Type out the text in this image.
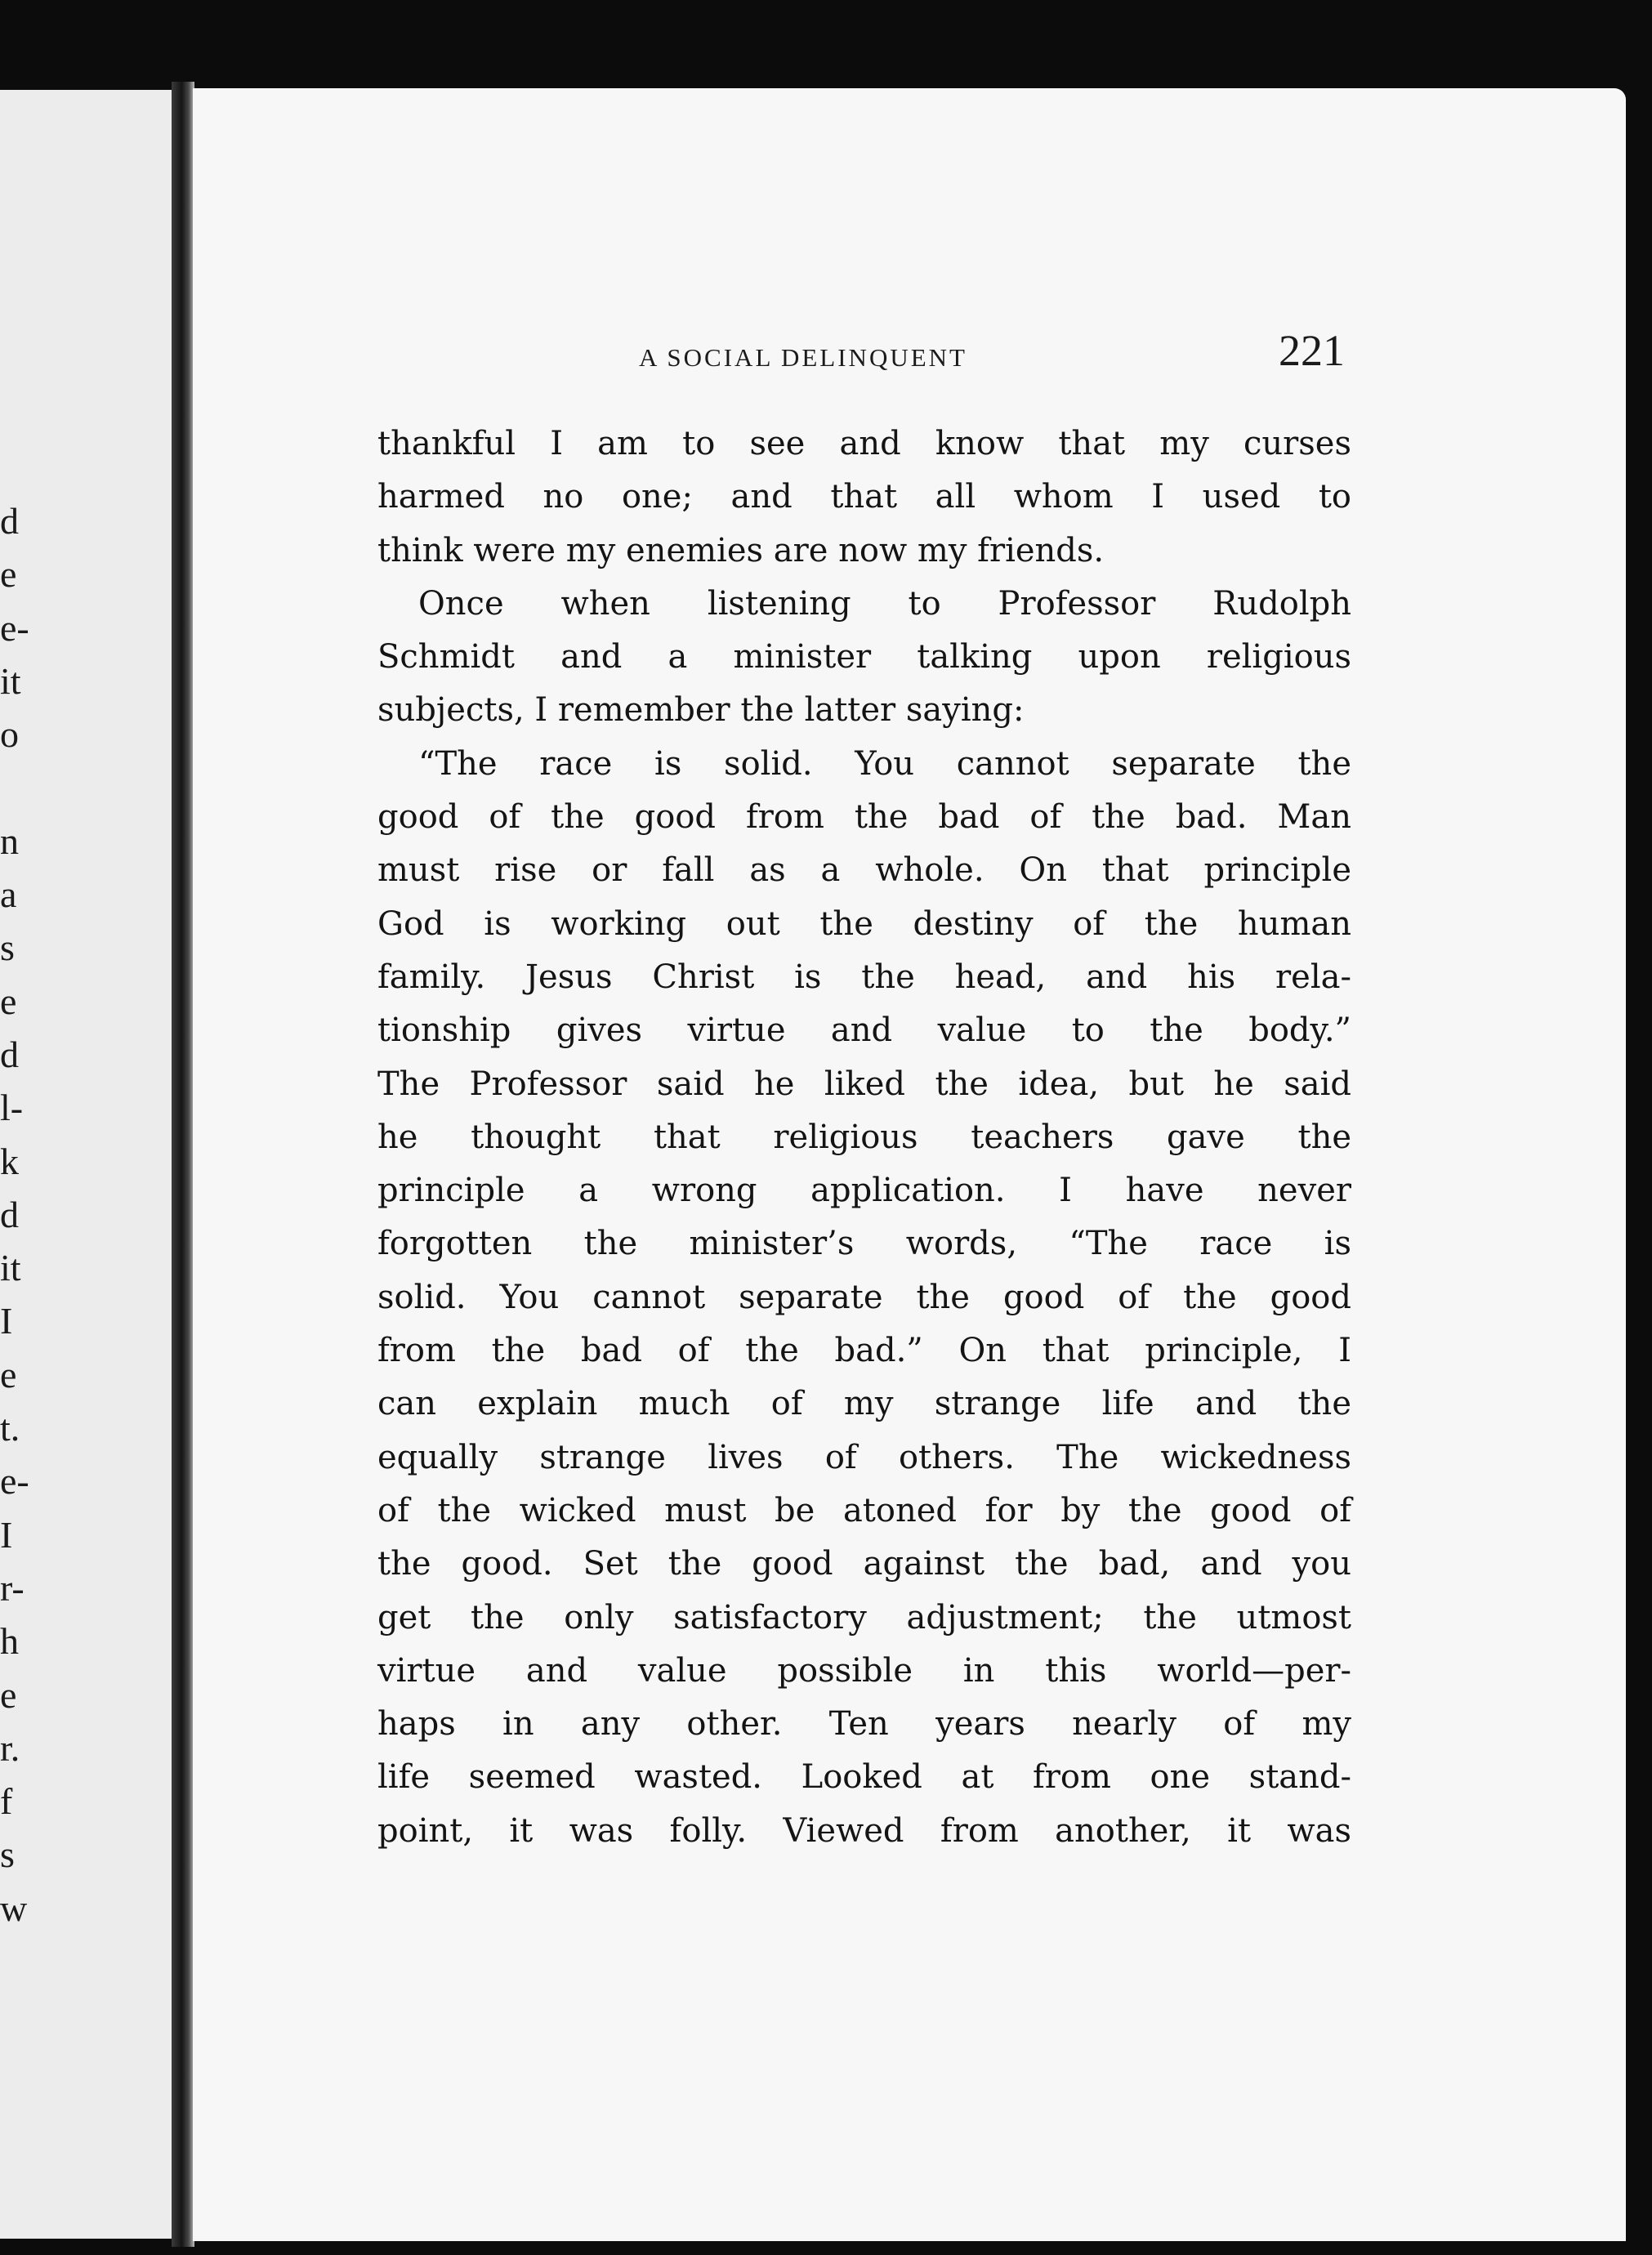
d
e
e-
it
o
n
a
s
e
d
l-
k
d
it
I
e
t.
e-
I
r-
h
e
r.
f
s
w
A SOCIAL DELINQUENT	221
thankful I am to see and know that my curses
harmed no one; and that all whom I used to
think were my enemies are now my friends.
Once when listening to Professor Rudolph
Schmidt and a minister talking upon religious
subjects, I remember the latter saying:
“The race is solid. You cannot separate the
good of the good from the bad of the bad. Man
must rise or fall as a whole. On that principle
God is working out the destiny of the human
family. Jesus Christ is the head, and his rela-
tionship gives virtue and value to the body.”
The Professor said he liked the idea, but he said
he thought that religious teachers gave the
principle a wrong application. I have never
forgotten the minister’s words, “The race is
solid. You cannot separate the good of the good
from the bad of the bad.” On that principle, I
can explain much of my strange life and the
equally strange lives of others. The wickedness
of the wicked must be atoned for by the good of
the good. Set the good against the bad, and you
get the only satisfactory adjustment; the utmost
virtue and value possible in this world—per-
haps in any other. Ten years nearly of my
life seemed wasted. Looked at from one stand-
point, it was folly. Viewed from another, it was
